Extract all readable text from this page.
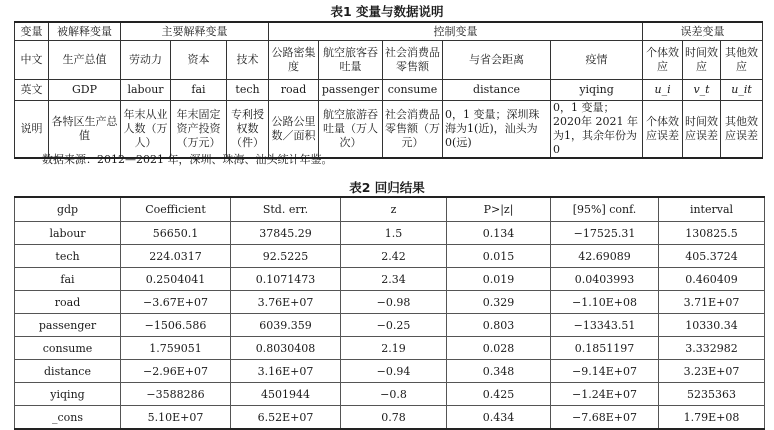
表1 变量与数据说明
变量	被解释变量	主要解释变量			控制变量					误差变量		
中文	生产总值	劳动力	资本	技术	公路密集度	航空旅客吞吐量	社会消费品零售额	与省会距离	疫情	个体效应	时间效应	其他效应
英文	GDP	labour	fai	tech	road	passenger	consume	distance	yiqing	u_i	v_t	u_it
说明	各特区生产总值	年末从业人数（万人）	年末固定资产投资（万元）	专利授权数（件）	公路公里数／面积	航空旅游吞吐量（万人次）	社会消费品零售额（万元）	0，1 变量；深圳珠海为1(近)，汕头为0(远)	0，1 变量；2020年 2021 年为1，其余年份为 0	个体效应误差	时间效应误差	其他效应误差
数据来源：2012—2021 年，深圳、珠海、汕头统计年鉴。
表2 回归结果
gdp	Coefficient	Std. err.	z	P>|z|	[95%] conf.	interval
labour	56650.1	37845.29	1.5	0.134	−17525.31	130825.5
tech	224.0317	92.5225	2.42	0.015	42.69089	405.3724
fai	0.2504041	0.1071473	2.34	0.019	0.0403993	0.460409
road	−3.67E+07	3.76E+07	−0.98	0.329	−1.10E+08	3.71E+07
passenger	−1506.586	6039.359	−0.25	0.803	−13343.51	10330.34
consume	1.759051	0.8030408	2.19	0.028	0.1851197	3.332982
distance	−2.96E+07	3.16E+07	−0.94	0.348	−9.14E+07	3.23E+07
yiqing	−3588286	4501944	−0.8	0.425	−1.24E+07	5235363
_cons	5.10E+07	6.52E+07	0.78	0.434	−7.68E+07	1.79E+08
